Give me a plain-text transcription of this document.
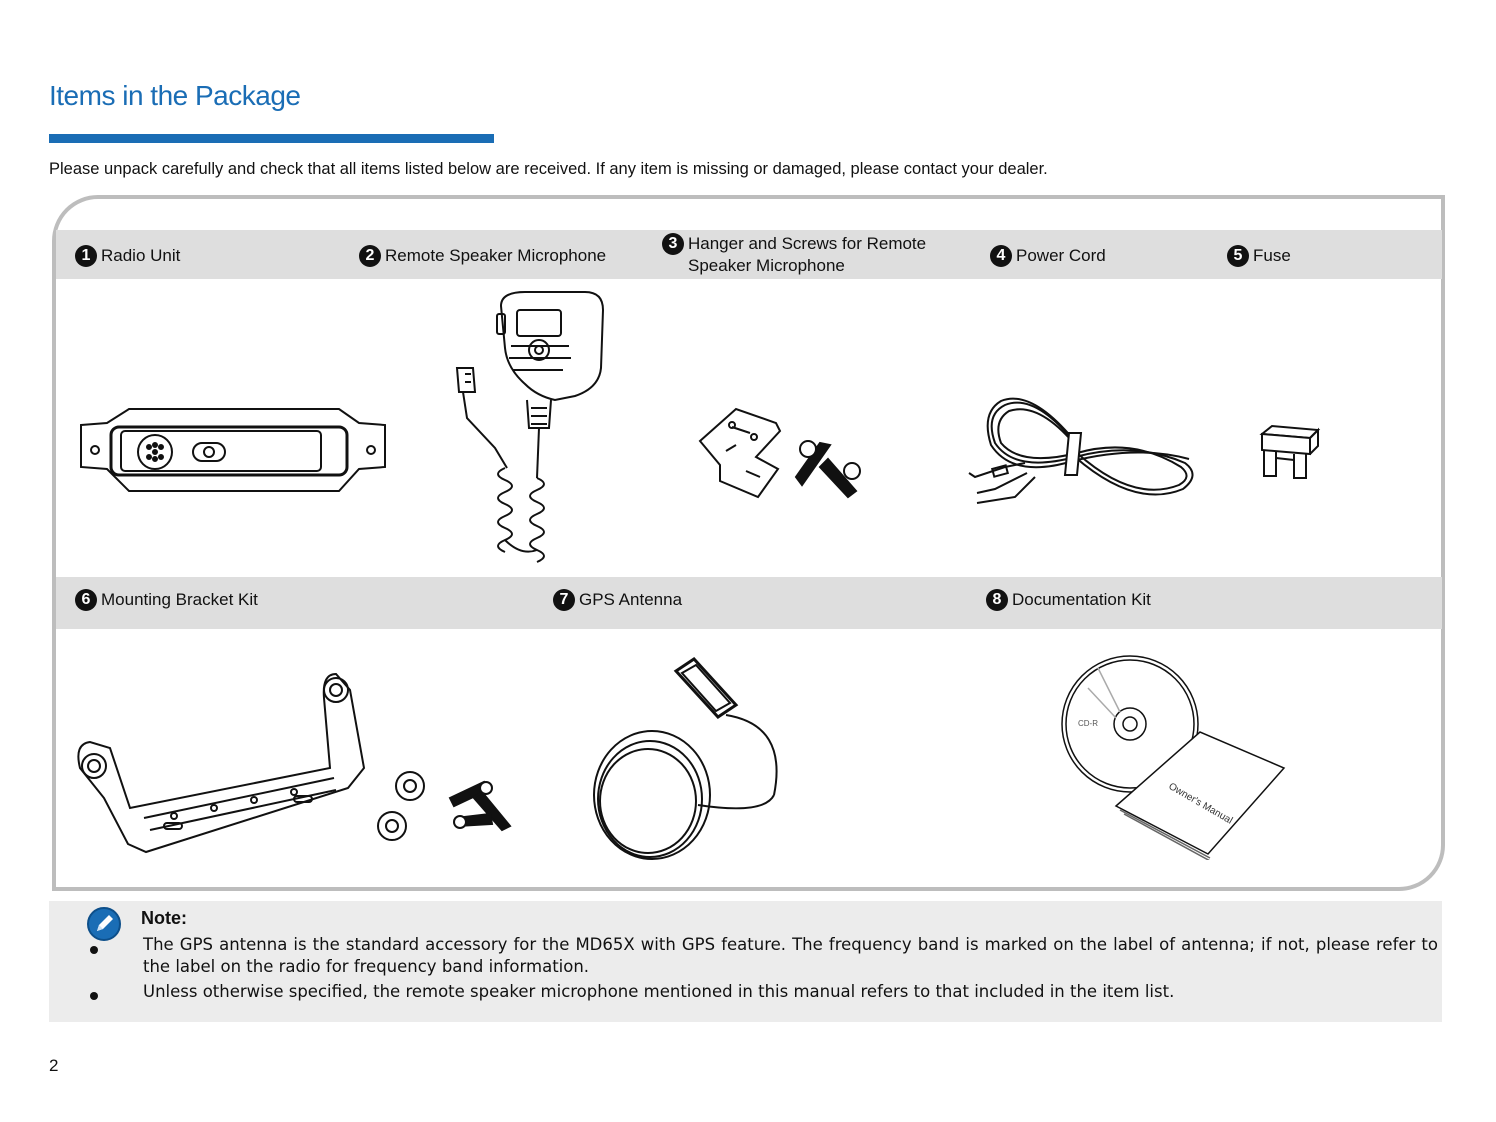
Items in the Package
Please unpack carefully and check that all items listed below are received. If any item is missing or damaged, please contact your dealer.
1 Radio Unit	2 Remote Speaker Microphone
3 Hanger and Screws for Remote Speaker Microphone
4 Power Cord	5 Fuse
6 Mounting Bracket Kit	7 GPS Antenna	8 Documentation Kit
CD-R
Owner's Manual
Note:
The GPS antenna is the standard accessory for the MD65X with GPS feature. The frequency band is marked on the label of antenna; if not, please refer to the label on the radio for frequency band information.
Unless otherwise specified, the remote speaker microphone mentioned in this manual refers to that included in the item list.
2
